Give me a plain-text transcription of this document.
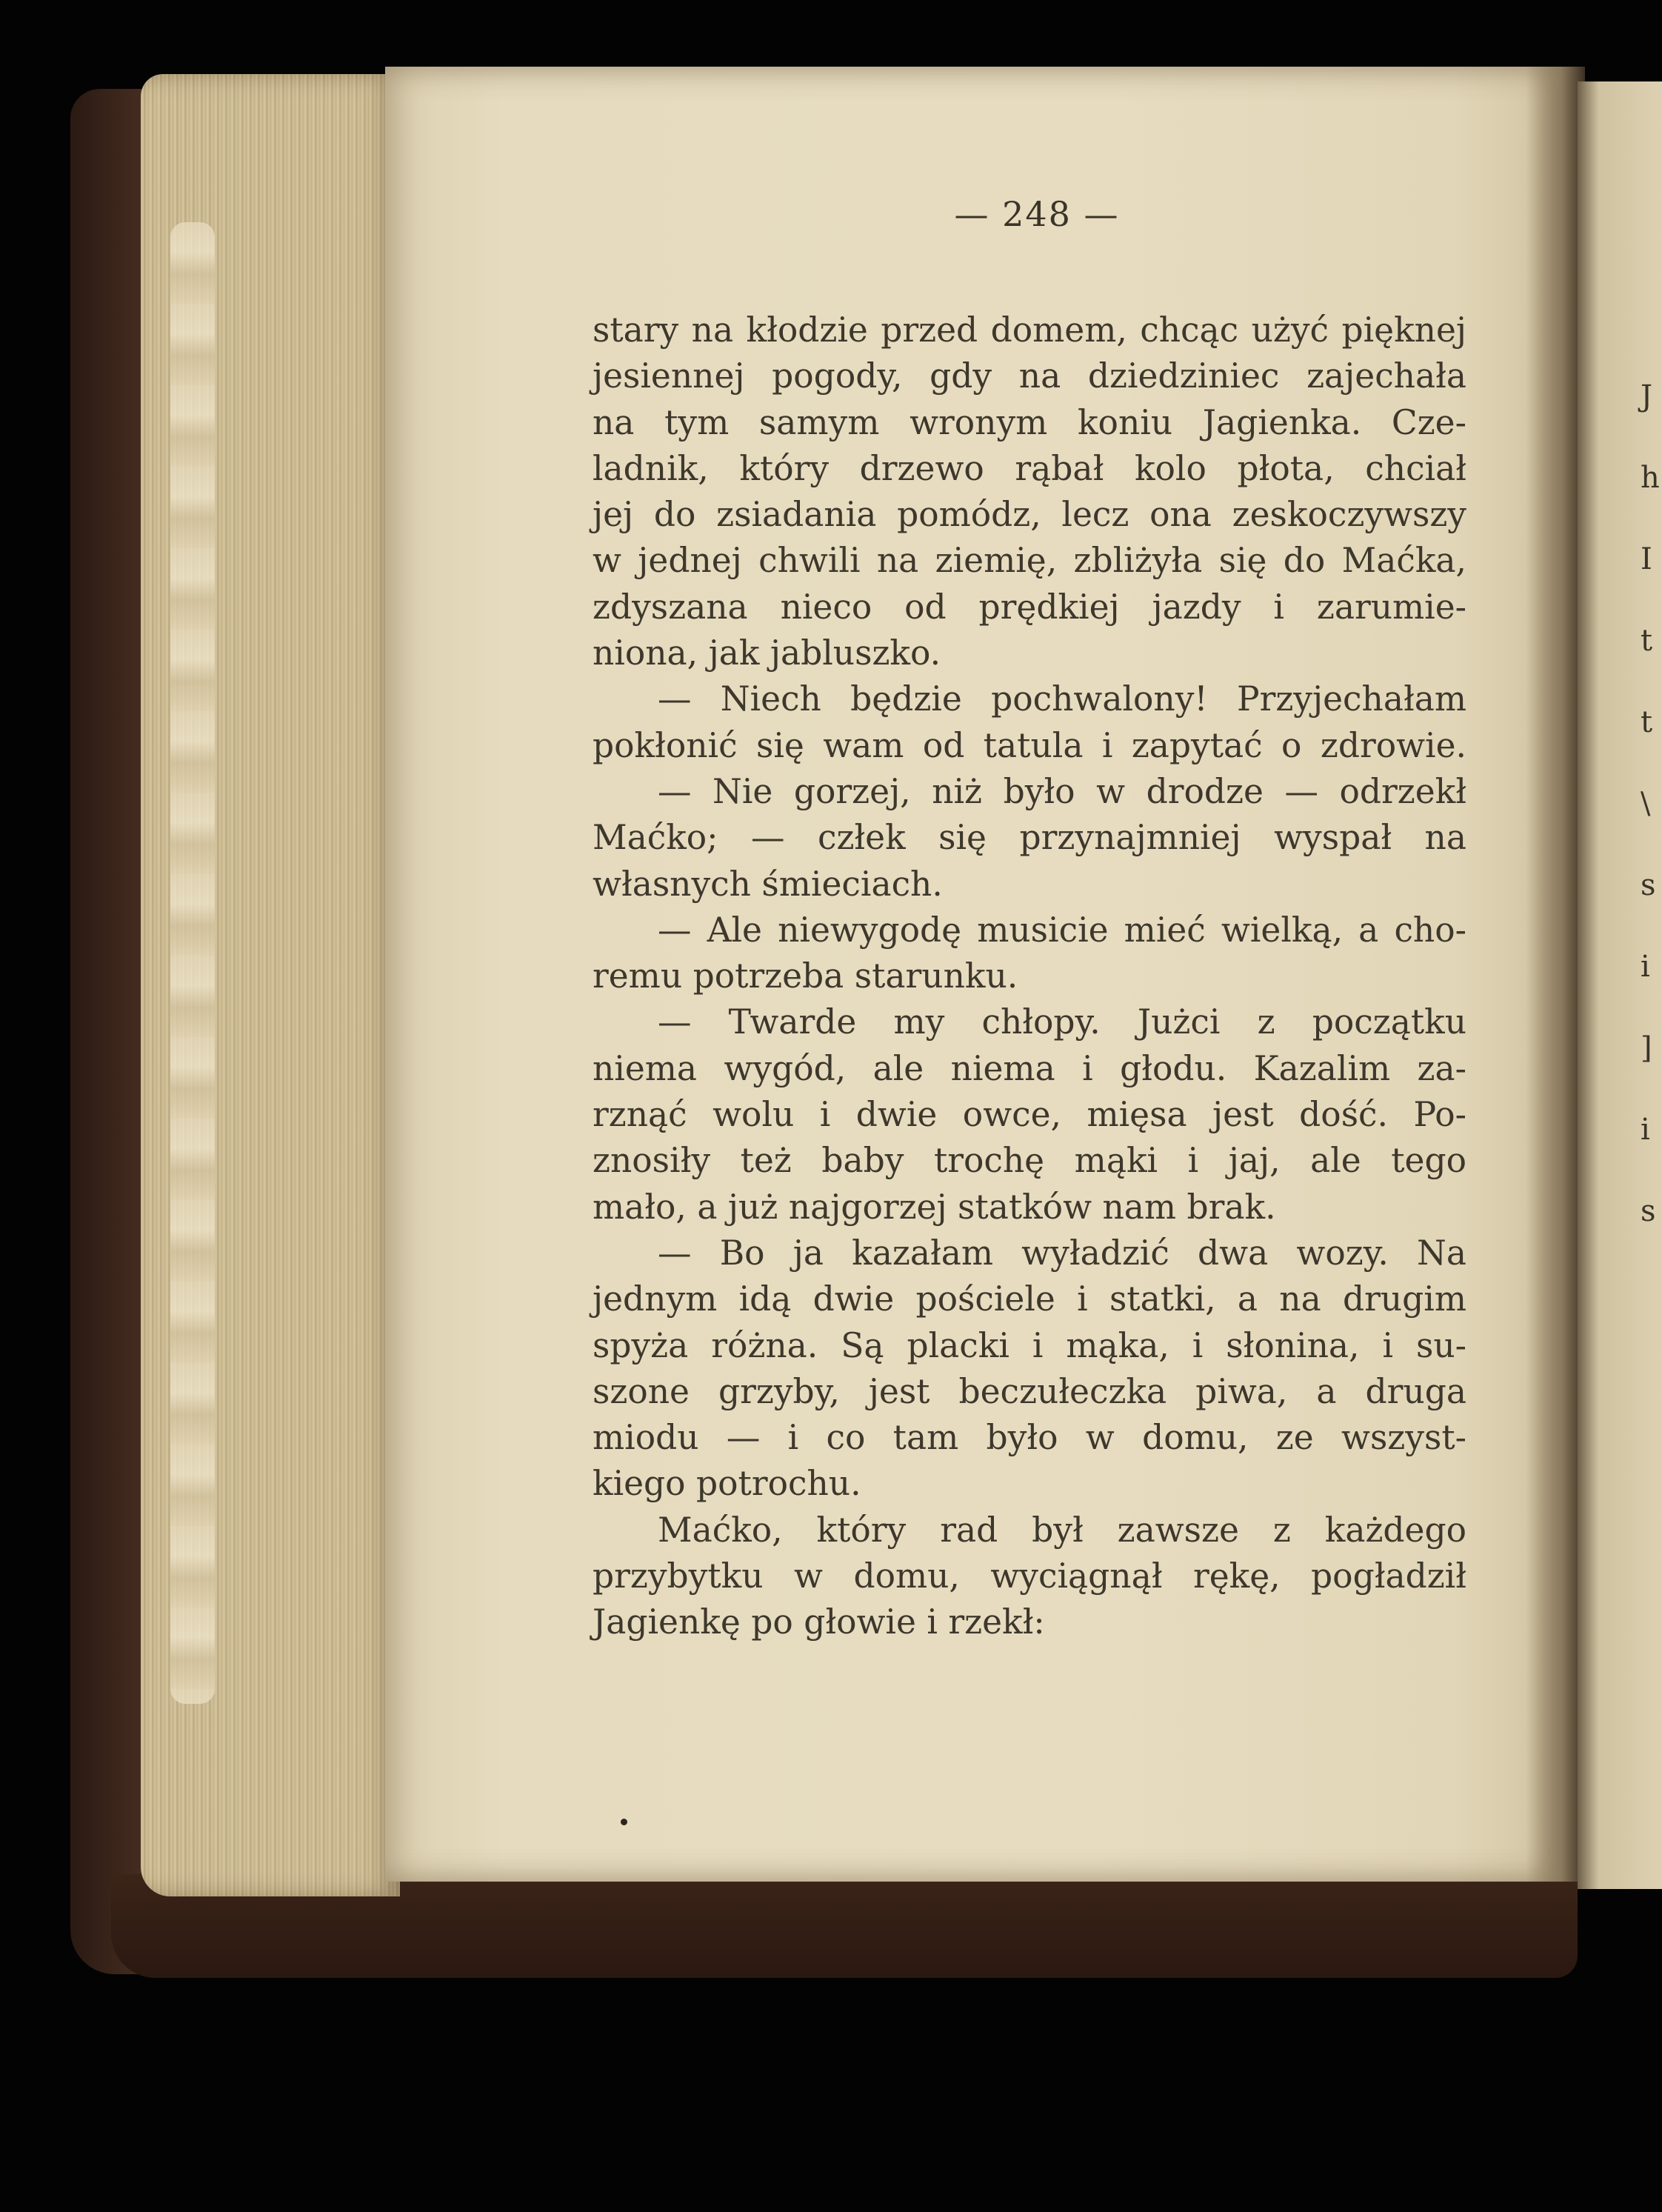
J
h
I
t
t
\
s
i
]
i
s
— 248 —
stary na kłodzie przed domem, chcąc użyć pięknej
jesiennej pogody, gdy na dziedziniec zajechała
na tym samym wronym koniu Jagienka. Cze-
ladnik, który drzewo rąbał kolo płota, chciał
jej do zsiadania pomódz, lecz ona zeskoczywszy
w jednej chwili na ziemię, zbliżyła się do Maćka,
zdyszana nieco od prędkiej jazdy i zarumie-
niona, jak jabluszko.
— Niech będzie pochwalony! Przyjechałam
pokłonić się wam od tatula i zapytać o zdrowie.
— Nie gorzej, niż było w drodze — odrzekł
Maćko; — człek się przynajmniej wyspał na
własnych śmieciach.
— Ale niewygodę musicie mieć wielką, a cho-
remu potrzeba starunku.
— Twarde my chłopy. Jużci z początku
niema wygód, ale niema i głodu. Kazalim za-
rznąć wolu i dwie owce, mięsa jest dość. Po-
znosiły też baby trochę mąki i jaj, ale tego
mało, a już najgorzej statków nam brak.
— Bo ja kazałam wyładzić dwa wozy. Na
jednym idą dwie pościele i statki, a na drugim
spyża różna. Są placki i mąka, i słonina, i su-
szone grzyby, jest beczułeczka piwa, a druga
miodu — i co tam było w domu, ze wszyst-
kiego potrochu.
Maćko, który rad był zawsze z każdego
przybytku w domu, wyciągnął rękę, pogładził
Jagienkę po głowie i rzekł:
